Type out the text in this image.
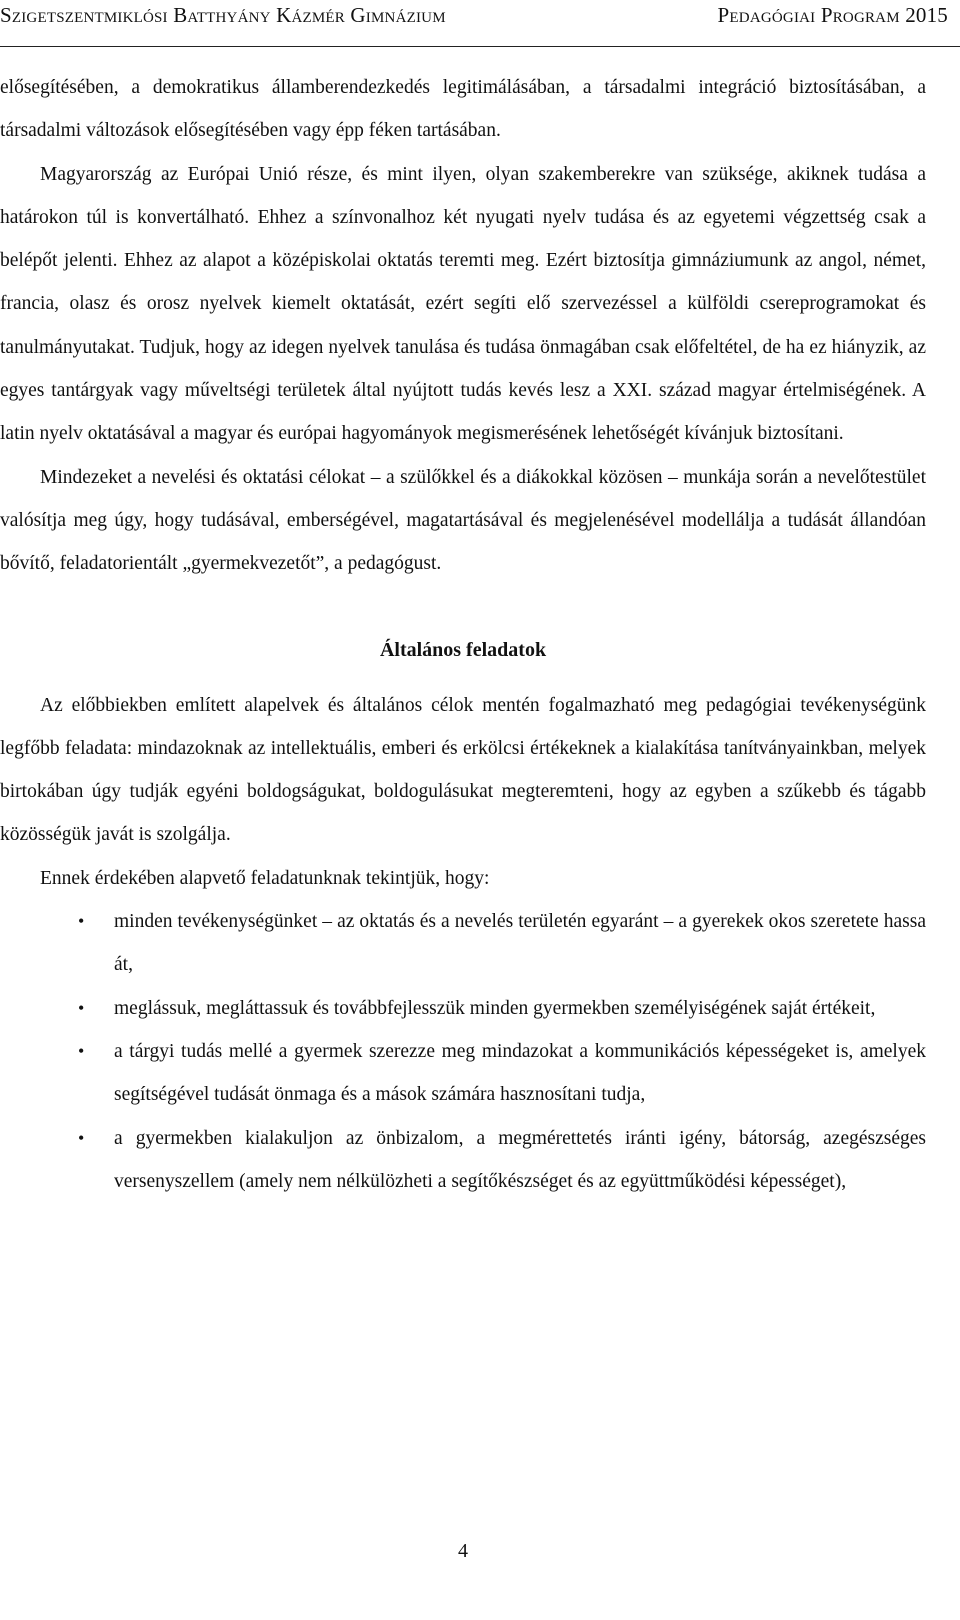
Szigetszentmiklósi Batthyány Kázmér Gimnázium	Pedagógiai Program 2015

elősegítésében, a demokratikus államberendezkedés legitimálásában, a társadalmi integráció biztosításában, a társadalmi változások elősegítésében vagy épp féken tartásában.

Magyarország az Európai Unió része, és mint ilyen, olyan szakemberekre van szüksége, akiknek tudása a határokon túl is konvertálható. Ehhez a színvonalhoz két nyugati nyelv tudása és az egyetemi végzettség csak a belépőt jelenti. Ehhez az alapot a középiskolai oktatás teremti meg. Ezért biztosítja gimnáziumunk az angol, német, francia, olasz és orosz nyelvek kiemelt oktatását, ezért segíti elő szervezéssel a külföldi csereprogramokat és tanulmányutakat. Tudjuk, hogy az idegen nyelvek tanulása és tudása önmagában csak előfeltétel, de ha ez hiányzik, az egyes tantárgyak vagy műveltségi területek által nyújtott tudás kevés lesz a XXI. század magyar értelmiségének. A latin nyelv oktatásával a magyar és európai hagyományok megismerésének lehetőségét kívánjuk biztosítani.

Mindezeket a nevelési és oktatási célokat – a szülőkkel és a diákokkal közösen – munkája során a nevelőtestület valósítja meg úgy, hogy tudásával, emberségével, magatartásával és megjelenésével modellálja a tudását állandóan bővítő, feladatorientált „gyermekvezetőt”, a pedagógust.

Általános feladatok

Az előbbiekben említett alapelvek és általános célok mentén fogalmazható meg pedagógiai tevékenységünk legfőbb feladata: mindazoknak az intellektuális, emberi és erkölcsi értékeknek a kialakítása tanítványainkban, melyek birtokában úgy tudják egyéni boldogságukat, boldogulásukat megteremteni, hogy az egyben a szűkebb és tágabb közösségük javát is szolgálja.

Ennek érdekében alapvető feladatunknak tekintjük, hogy:

• minden tevékenységünket – az oktatás és a nevelés területén egyaránt – a gyerekek okos szeretete hassa át,
• meglássuk, megláttassuk és továbbfejlesszük minden gyermekben személyiségének saját értékeit,
• a tárgyi tudás mellé a gyermek szerezze meg mindazokat a kommunikációs képességeket is, amelyek segítségével tudását önmaga és a mások számára hasznosítani tudja,
• a gyermekben kialakuljon az önbizalom, a megmérettetés iránti igény, bátorság, azegészséges versenyszellem (amely nem nélkülözheti a segítőkészséget és az együttműködési képességet),
4
